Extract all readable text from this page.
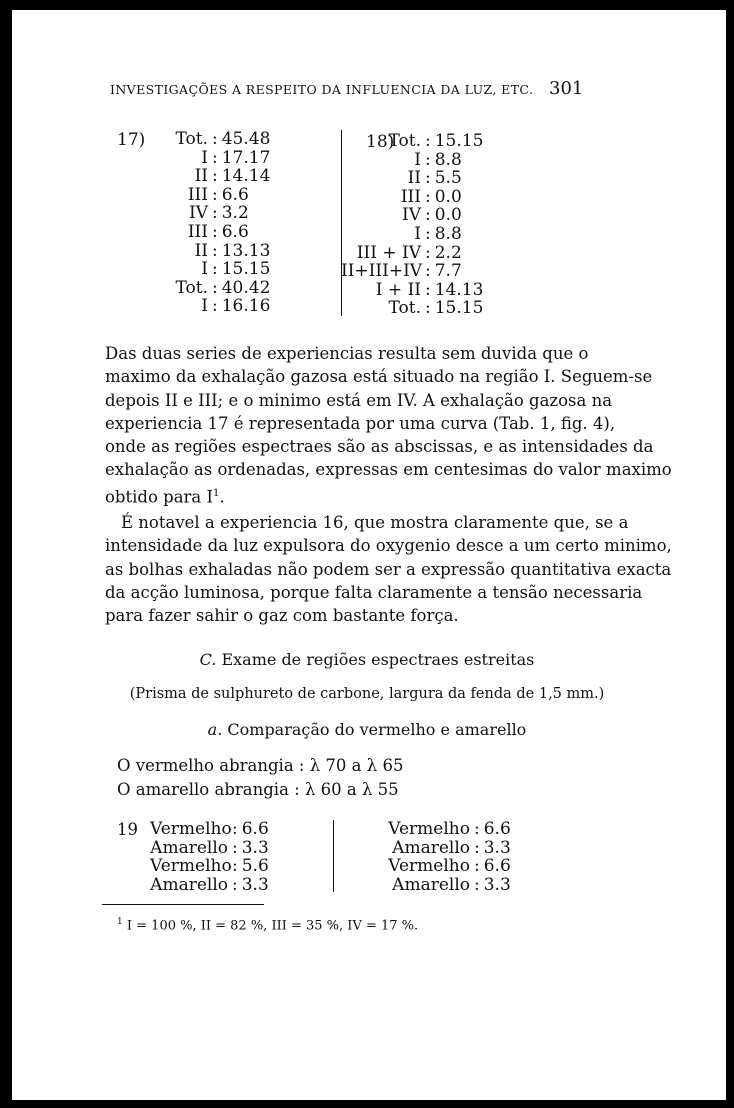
INVESTIGAÇÕES A RESPEITO DA INFLUENCIA DA LUZ, ETC. 301
17)	Tot. : 45.48
I : 17.17
II : 14.14
III : 6.6
IV : 3.2
III : 6.6
II : 13.13
I : 15.15
Tot. : 40.42
I : 16.16
18)
Tot. : 15.15
I : 8.8
II : 5.5
III : 0.0
IV : 0.0
I : 8.8
III + IV : 2.2
II+III+IV : 7.7
I + II : 14.13
Tot. : 15.15
Das duas series de experiencias resulta sem duvida que o
maximo da exhalação gazosa está situado na região I. Seguem-se
depois II e III; e o minimo está em IV. A exhalação gazosa na
experiencia 17 é representada por uma curva (Tab. 1, fig. 4),
onde as regiões espectraes são as abscissas, e as intensidades da
exhalação as ordenadas, expressas em centesimas do valor maximo
obtido para $I^1$.
É notavel a experiencia 16, que mostra claramente que, se a
intensidade da luz expulsora do oxygenio desce a um certo minimo,
as bolhas exhaladas não podem ser a expressão quantitativa exacta
da acção luminosa, porque falta claramente a tensão necessaria
para fazer sahir o gaz com bastante força.
C. Exame de regiões espectraes estreitas
(Prisma de sulphureto de carbone, largura da fenda de 1,5 mm.)
a. Comparação do vermelho e amarello
O vermelho abrangia : λ 70 a λ 65
O amarello abrangia : λ 60 a λ 55
19 Vermelho : 6.6
Amarello : 3.3
Vermelho : 5.6
Amarello : 3.3
Vermelho : 6.6
Amarello : 3.3
Vermelho : 6.6
Amarello : 3.3
$^1$ I = 100 %, II = 82 %, III = 35 %, IV = 17 %.
